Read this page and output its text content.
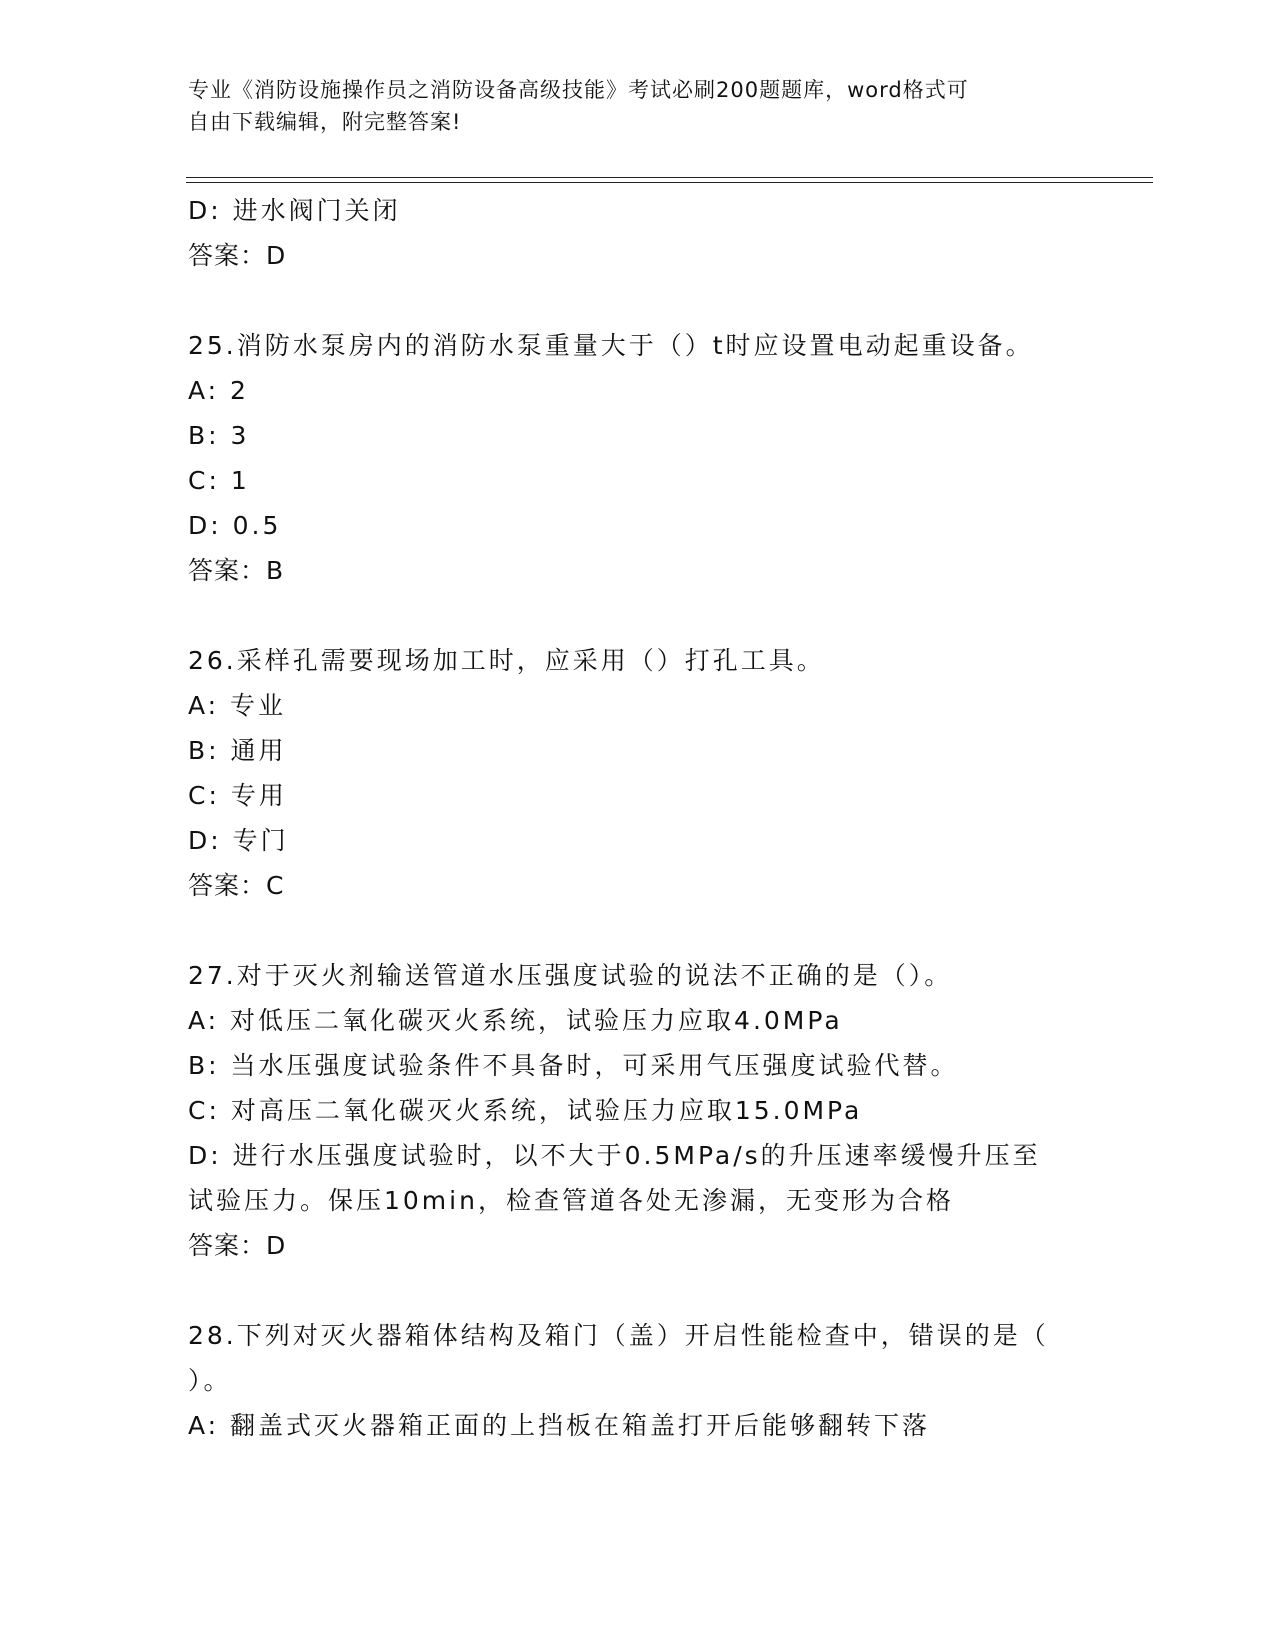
专业《消防设施操作员之消防设备高级技能》考试必刷200题题库，word格式可
自由下载编辑，附完整答案!
D: 进水阀门关闭
答案：D
25.消防水泵房内的消防水泵重量大于（）t时应设置电动起重设备。
A: 2
B: 3
C: 1
D: 0.5
答案：B
26.采样孔需要现场加工时，应采用（）打孔工具。
A: 专业
B: 通用
C: 专用
D: 专门
答案：C
27.对于灭火剂输送管道水压强度试验的说法不正确的是（）。
A: 对低压二氧化碳灭火系统，试验压力应取4.0MPa
B: 当水压强度试验条件不具备时，可采用气压强度试验代替。
C: 对高压二氧化碳灭火系统，试验压力应取15.0MPa
D: 进行水压强度试验时，以不大于0.5MPa/s的升压速率缓慢升压至
试验压力。保压10min，检查管道各处无渗漏，无变形为合格
答案：D
28.下列对灭火器箱体结构及箱门（盖）开启性能检查中，错误的是（
）。
A: 翻盖式灭火器箱正面的上挡板在箱盖打开后能够翻转下落
